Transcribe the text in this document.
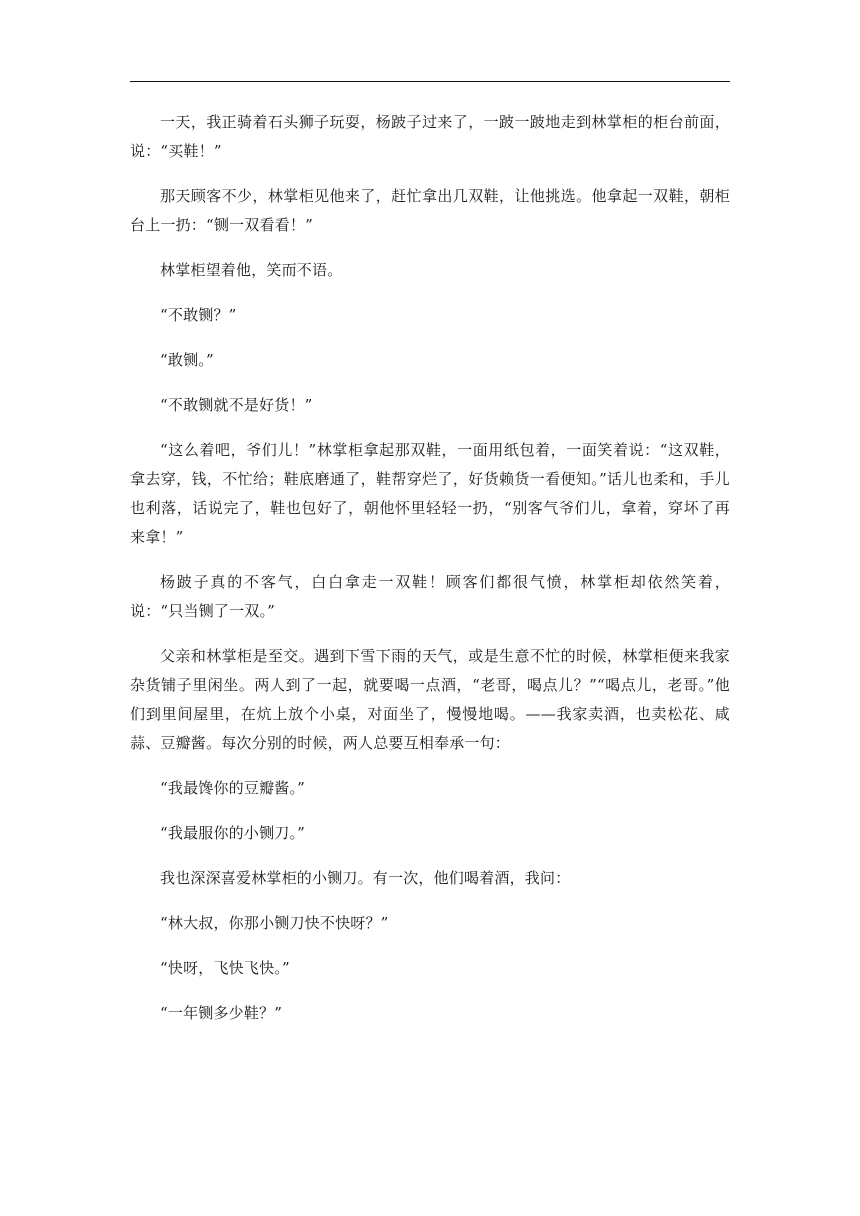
一天，我正骑着石头狮子玩耍，杨跛子过来了，一跛一跛地走到林掌柜的柜台前面，说：“买鞋！”

那天顾客不少，林掌柜见他来了，赶忙拿出几双鞋，让他挑选。他拿起一双鞋，朝柜台上一扔：“铡一双看看！”

林掌柜望着他，笑而不语。

“不敢铡？”

“敢铡。”

“不敢铡就不是好货！”

“这么着吧，爷们儿！”林掌柜拿起那双鞋，一面用纸包着，一面笑着说：“这双鞋，拿去穿，钱，不忙给；鞋底磨通了，鞋帮穿烂了，好货赖货一看便知。”话儿也柔和，手儿也利落，话说完了，鞋也包好了，朝他怀里轻轻一扔，“别客气爷们儿，拿着，穿坏了再来拿！”

杨跛子真的不客气，白白拿走一双鞋！顾客们都很气愤，林掌柜却依然笑着，说：“只当铡了一双。”

父亲和林掌柜是至交。遇到下雪下雨的天气，或是生意不忙的时候，林掌柜便来我家杂货铺子里闲坐。两人到了一起，就要喝一点酒，“老哥，喝点儿？”“喝点儿，老哥。”他们到里间屋里，在炕上放个小桌，对面坐了，慢慢地喝。——我家卖酒，也卖松花、咸蒜、豆瓣酱。每次分别的时候，两人总要互相奉承一句：

“我最馋你的豆瓣酱。”

“我最服你的小铡刀。”

我也深深喜爱林掌柜的小铡刀。有一次，他们喝着酒，我问：

“林大叔，你那小铡刀快不快呀？”

“快呀，飞快飞快。”

“一年铡多少鞋？”
